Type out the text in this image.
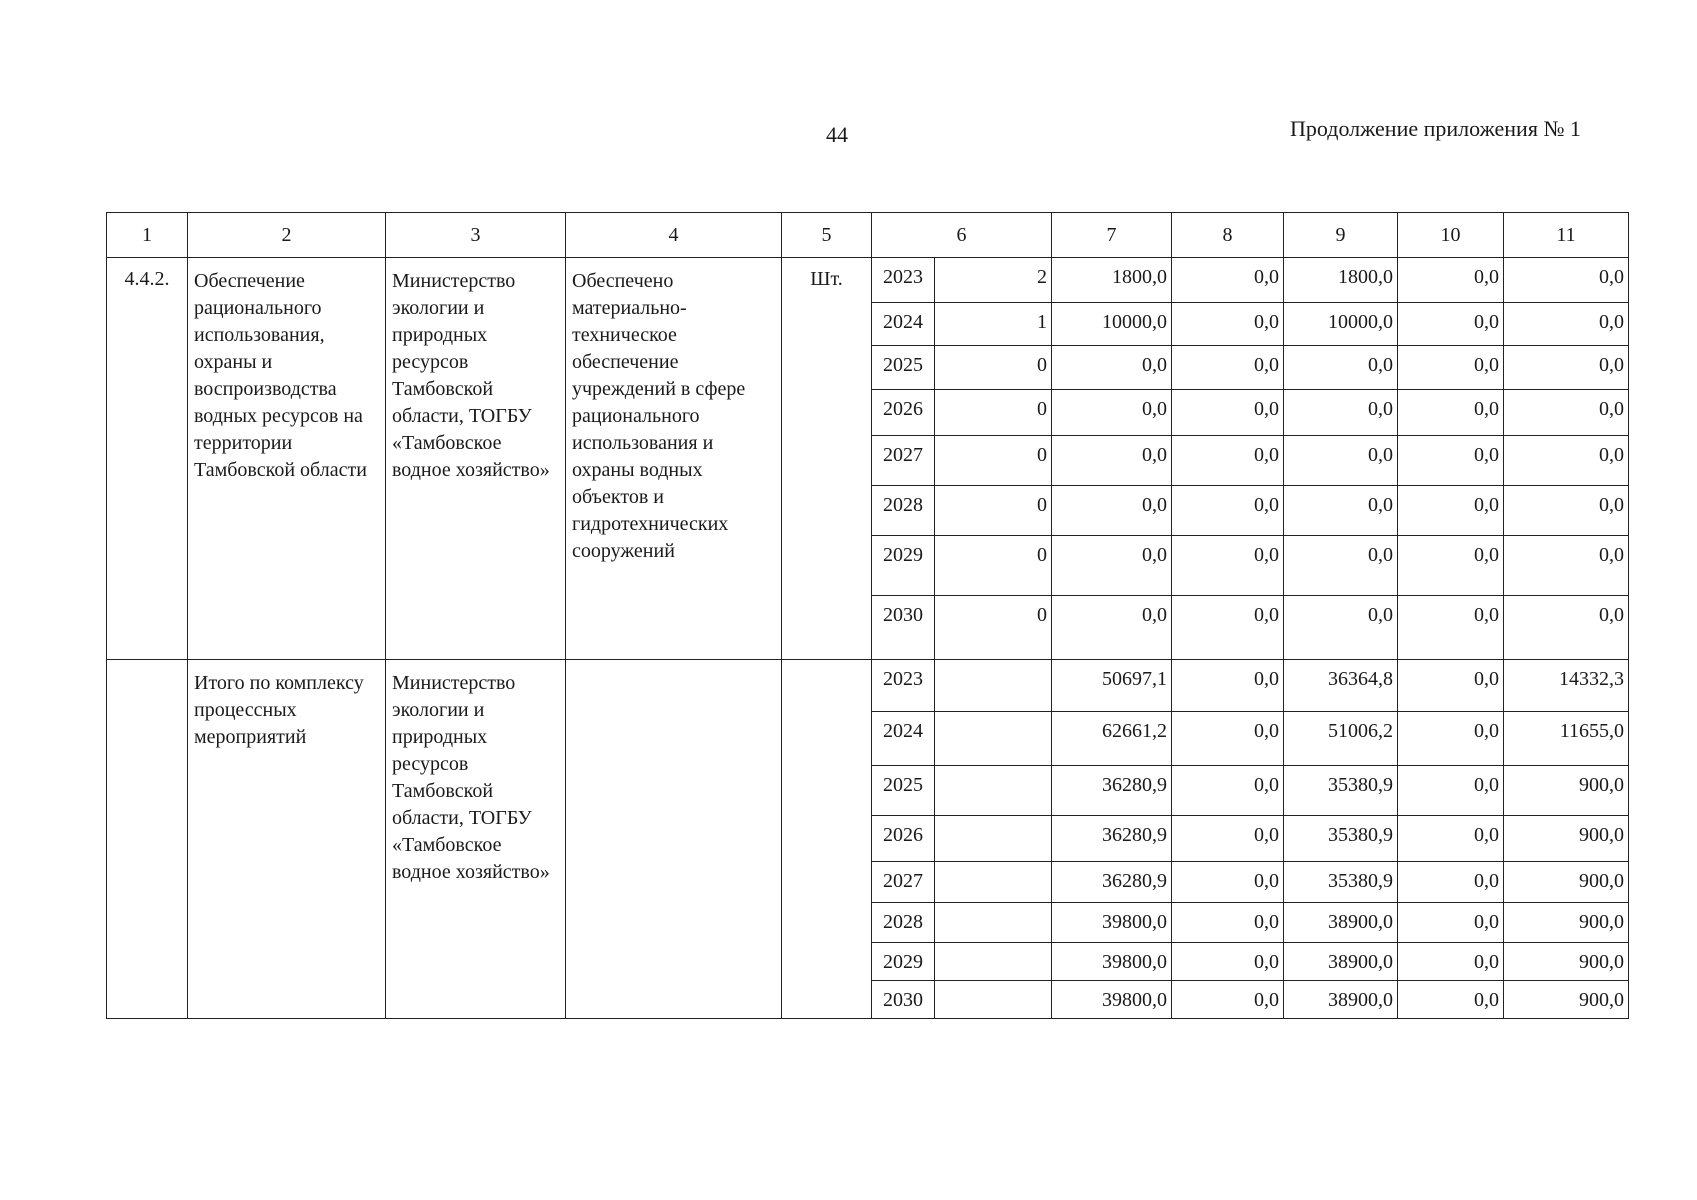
44	Продолжение приложения № 1
1	2	3	4	5	6		7	8	9	10	11
4.4.2.	Обеспечение рационального использования, охраны и воспроизводства водных ресурсов на территории Тамбовской области	Министерство экологии и природных ресурсов Тамбовской области, ТОГБУ «Тамбовское водное хозяйство»	Обеспечено материально-техническое обеспечение учреждений в сфере рационального использования и охраны водных объектов и гидротехнических сооружений	Шт.	2023	2	1800,0	0,0	1800,0	0,0	0,0
					2024	1	10000,0	0,0	10000,0	0,0	0,0
					2025	0	0,0	0,0	0,0	0,0	0,0
					2026	0	0,0	0,0	0,0	0,0	0,0
					2027	0	0,0	0,0	0,0	0,0	0,0
					2028	0	0,0	0,0	0,0	0,0	0,0
					2029	0	0,0	0,0	0,0	0,0	0,0
					2030	0	0,0	0,0	0,0	0,0	0,0
	Итого по комплексу процессных мероприятий	Министерство экологии и природных ресурсов Тамбовской области, ТОГБУ «Тамбовское водное хозяйство»			2023		50697,1	0,0	36364,8	0,0	14332,3
					2024		62661,2	0,0	51006,2	0,0	11655,0
					2025		36280,9	0,0	35380,9	0,0	900,0
					2026		36280,9	0,0	35380,9	0,0	900,0
					2027		36280,9	0,0	35380,9	0,0	900,0
					2028		39800,0	0,0	38900,0	0,0	900,0
					2029		39800,0	0,0	38900,0	0,0	900,0
					2030		39800,0	0,0	38900,0	0,0	900,0
